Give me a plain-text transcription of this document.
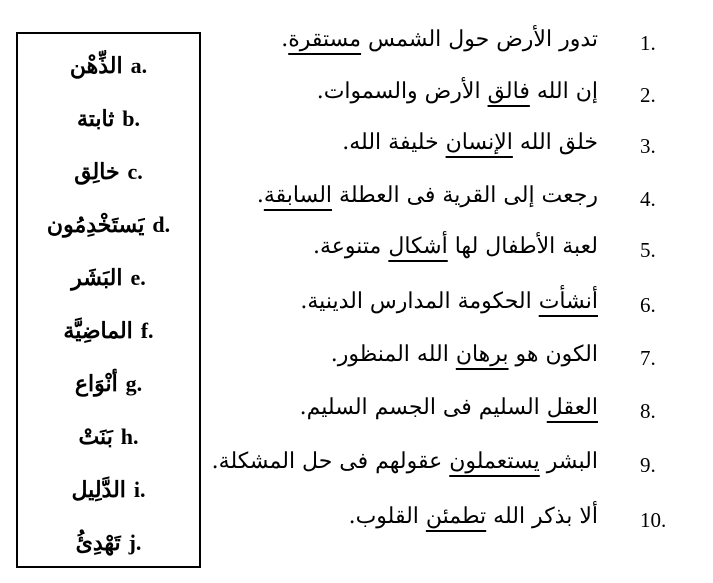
الذِّهْن a.
ثابتة b.
خالِق c.
يَستَخْدِمُون d.
البَشَر e.
الماضِيَّة f.
أنْوَاع g.
بَنَتْ h.
الدَّلِيل i.
تَهْدِئُ j.
1.
تدور الأرض حول الشمس مستقرة.
2.
إن الله فالق الأرض والسموات.
3.
خلق الله الإنسان خليفة الله.
4.
رجعت إلى القرية فى العطلة السابقة.
5.
لعبة الأطفال لها أشكال متنوعة.
6.
أنشأت الحكومة المدارس الدينية.
7.
الكون هو برهان الله المنظور.
8.
العقل السليم فى الجسم السليم.
9.
البشر يستعملون عقولهم فى حل المشكلة.
10.
ألا بذكر الله تطمئن القلوب.
